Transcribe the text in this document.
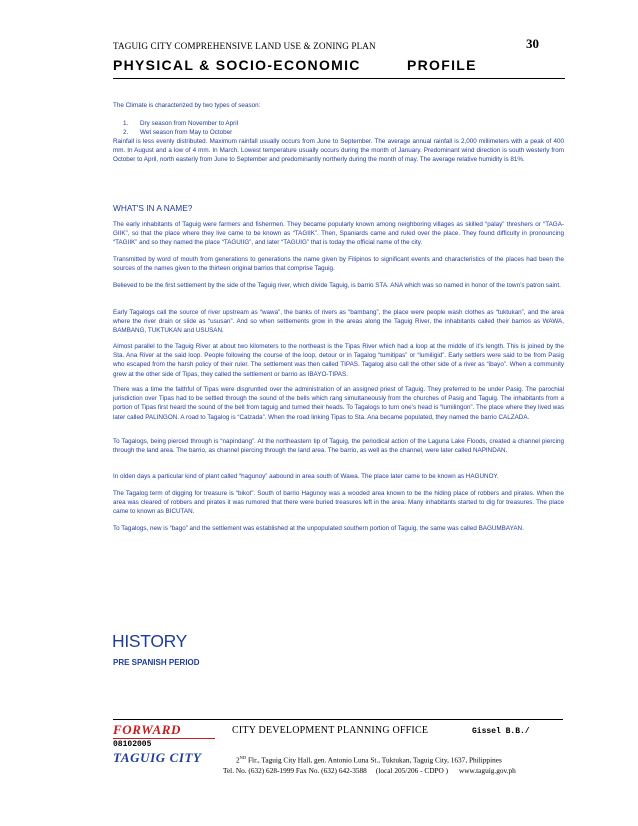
TAGUIG CITY COMPREHENSIVE LAND USE & ZONING PLAN	30
PHYSICAL & SOCIO-ECONOMIC	PROFILE

The Climate is characterized by two types of season:

1. Dry season from November to April
2. Wet season from May to October

Rainfall is less evenly distributed. Maximum rainfall usually occurs from June to September. The average annual rainfall is 2,000 millimeters with a peak of 400 mm. In August and a low of 4 mm. In March. Lowest temperature usually occurs during the month of January. Predominant wind direction is south westerly from October to April, north easterly from June to September and predominantly northerly during the month of may. The average relative humidity is 81%.

WHAT'S IN A NAME?

The early inhabitants of Taguig were farmers and fishermen. They became popularly known among neighboring villages as skilled “palay” threshers or “TAGA-GIIK”, so that the place where they live came to be known as “TAGIIK”. Then, Spaniards came and ruled over the place. They found difficulty in pronouncing “TAGIIK” and so they named the place “TAGUIIG”, and later “TAGUIG” that is today the official name of the city.

Transmitted by word of mouth from generations to generations the name given by Filipinos to significant events and characteristics of the places had been the sources of the names given to the thirteen original barrios that comprise Taguig.

Believed to be the first settlement by the side of the Taguig river, which divide Taguig, is barrio STA. ANA which was so named in honor of the town’s patron saint.

Early Tagalogs call the source of river upstream as “wawa”, the banks of rivers as “bambang”, the place were people wash clothes as “tuktukan”, and the area where the river drain or slide as “ususan”. And so when settlements grow in the areas along the Taguig River, the inhabitants called their barrios as WAWA, BAMBANG, TUKTUKAN and USUSAN.

Almost parallel to the Taguig River at about two kilometers to the northeast is the Tipas River which had a loop at the middle of it’s length. This is joined by the Sta. Ana River at the said loop. People following the course of the loop, detour or in Tagalog “tumitipas” or “lumiligid”. Early settlers were said to be from Pasig who escaped from the harsh policy of their ruler. The settlement was then called TIPAS. Tagalog also call the other side of a river as “ibayo”. When a community grew at the other side of Tipas, they called the settlement or barrio as IBAYO-TIPAS.

There was a time the faithful of Tipas were disgruntled over the administration of an assigned priest of Taguig. They preferred to be under Pasig. The parochial jurisdiction over Tipas had to be settled through the sound of the bells which rang simultaneously from the churches of Pasig and Taguig. The inhabitants from a portion of Tipas first heard the sound of the bell from taguig and turned their heads. To Tagalogs to turn one’s head is “lumilingon”. The place where they lived was later called PALINGON. A road to Tagalog is “Calzada”. When the road linking Tipas to Sta. Ana became populated, they named the barrio CALZADA.

To Tagalogs, being pierced through is “napindang”. At the northeastern tip of Taguig, the periodical action of the Laguna Lake Floods, created a channel piercing through the land area. The barrio, as channel piercing through the land area. The barrio, as well as the channel, were later called NAPINDAN.

In olden days a particular kind of plant called “hagunoy” aabound in area south of Wawa. The place later came to be known as HAGUNOY.

The Tagalog term of digging for treasure is “bikot”. South of barrio Hagunoy was a wooded area known to be the hiding place of robbers and pirates. When the area was cleared of robbers and pirates it was rumored that there were buried treasures left in the area. Many inhabitants started to dig for treasures. The place came to known as BICUTAN.

To Tagalogs, new is “bago” and the settlement was established at the unpopulated southern portion of Taguig, the same was called BAGUMBAYAN.

HISTORY
PRE SPANISH PERIOD
FORWARD
08102005
TAGUIG CITY
CITY DEVELOPMENT PLANNING OFFICE	Gissel B.B./
2ND Flr., Taguig City Hall, gen. Antonio Luna St., Tuktukan, Taguig City, 1637, Philippines
Tel. No. (632) 628-1999 Fax No. (632) 642-3588     (local 205/206 - CDPO )      www.taguig.gov.ph
